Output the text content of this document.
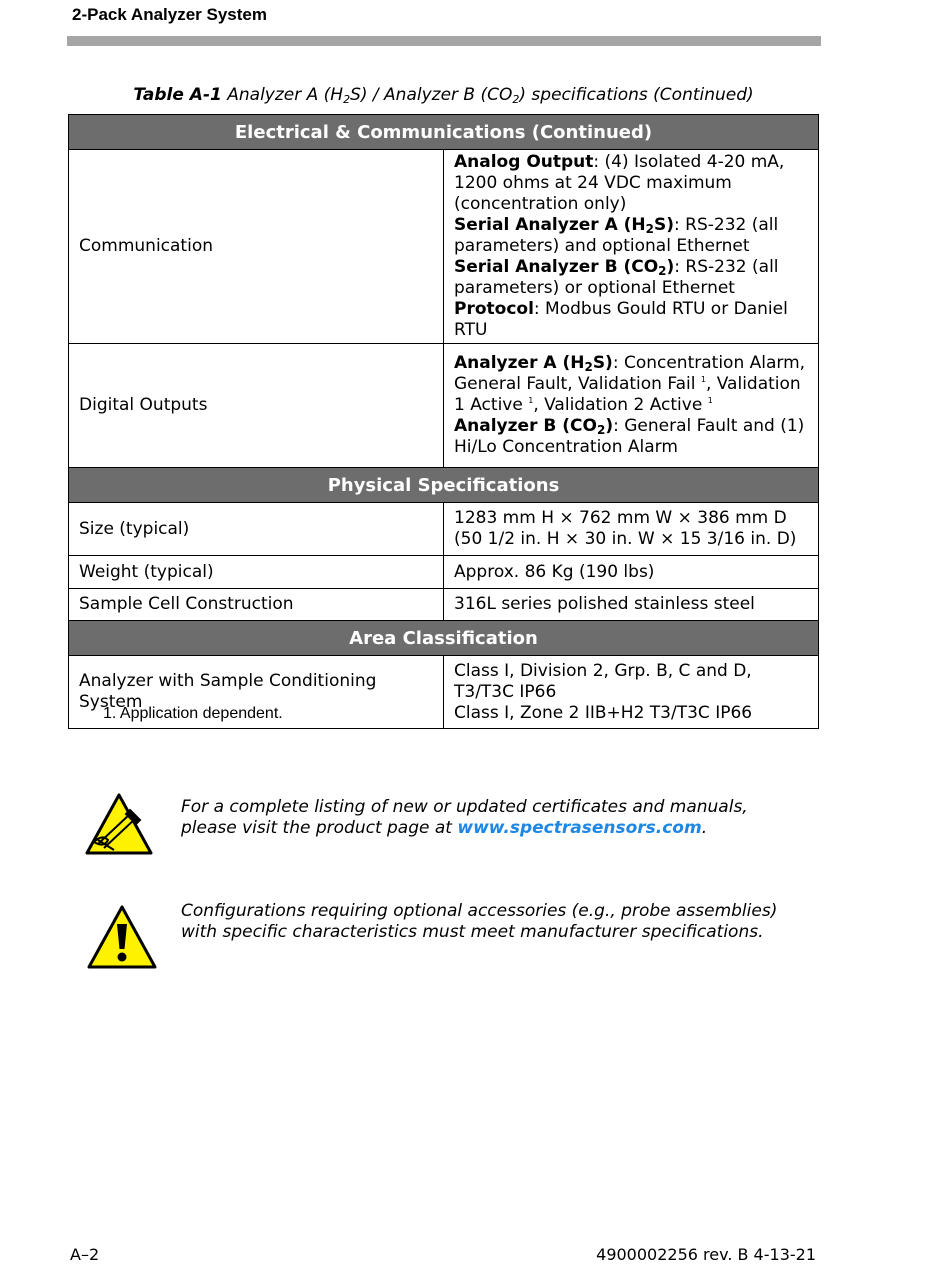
2-Pack Analyzer System
Table A-1 Analyzer A $(H_2S)$ / Analyzer B $(CO_2)$ specifications (Continued)
Electrical & Communications (Continued)	
Communication	Analog Output: (4) Isolated 4-20 mA, 1200 ohms at 24 VDC maximum (concentration only)
Serial Analyzer A $(H_2S)$: RS-232 (all parameters) and optional Ethernet
Serial Analyzer B $(CO_2)$: RS-232 (all parameters) or optional Ethernet
Protocol: Modbus Gould RTU or Daniel RTU

Digital Outputs	Analyzer A $(H_2S)$: Concentration Alarm, General Fault, Validation Fail $^1$, Validation 1 Active $^1$, Validation 2 Active $^1$
Analyzer B $(CO_2)$: General Fault and (1) Hi/Lo Concentration Alarm

Physical Specifications	
Size (typical)	1283 mm H × 762 mm W × 386 mm D
(50 1/2 in. H × 30 in. W × 15 3/16 in. D)

Weight (typical)	Approx. 86 Kg (190 lbs)
Sample Cell Construction	316L series polished stainless steel
Area Classification	
Analyzer with Sample Conditioning System	Class I, Division 2, Grp. B, C and D, T3/T3C IP66
Class I, Zone 2 IIB+H2 T3/T3C IP66
1. Application dependent.
For a complete listing of new or updated certificates and manuals, please visit the product page at www.spectrasensors.com.
Configurations requiring optional accessories (e.g., probe assemblies) with specific characteristics must meet manufacturer specifications.
A–2	4900002256 rev. B 4-13-21
